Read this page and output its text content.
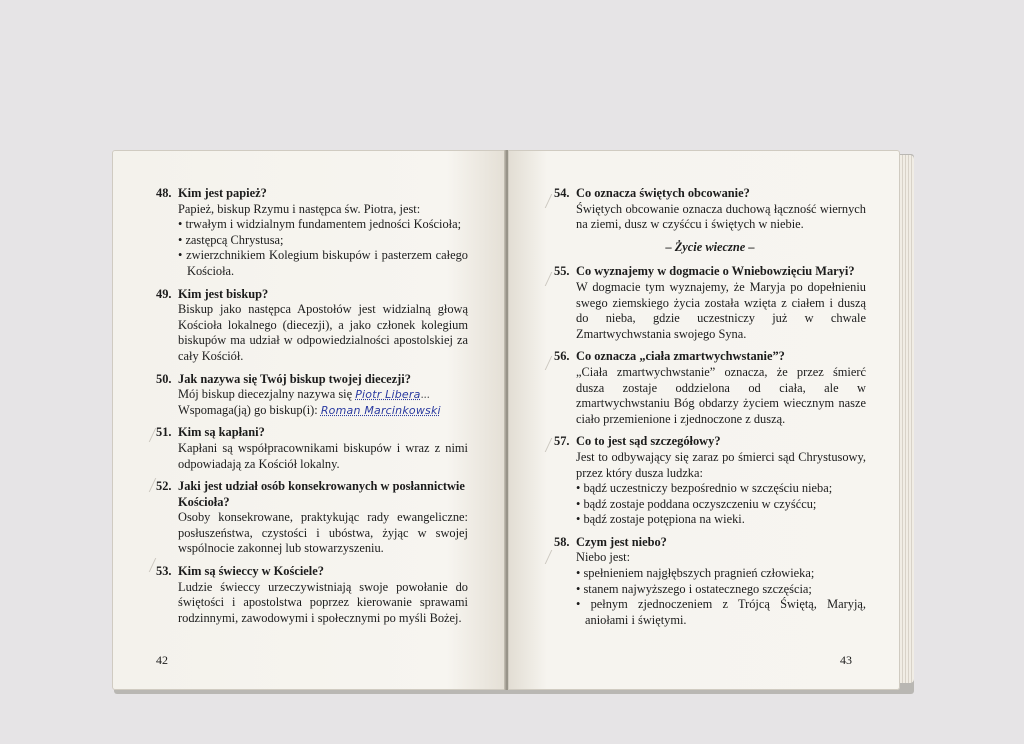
48. Kim jest papież?

Papież, biskup Rzymu i następca św. Piotra, jest:

• trwałym i widzialnym fundamentem jedności Kościoła;
• zastępcą Chrystusa;
• zwierzchnikiem Kolegium biskupów i pasterzem całego Kościoła.
49. Kim jest biskup?

Biskup jako następca Apostołów jest widzialną głową Kościoła lokalnego (diecezji), a jako członek kolegium biskupów ma udział w odpowiedzialności apostolskiej za cały Kościół.

50. Jak nazywa się Twój biskup twojej diecezji?

Mój biskup diecezjalny nazywa się Piotr Libera...

Wspomaga(ją) go biskup(i): Roman Marcinkowski

51. Kim są kapłani?

Kapłani są współpracownikami biskupów i wraz z nimi odpowiadają za Kościół lokalny.

52. Jaki jest udział osób konsekrowanych w posłannictwie Kościoła?

Osoby konsekrowane, praktykując rady ewangeliczne: posłuszeństwa, czystości i ubóstwa, żyjąc w swojej wspólnocie zakonnej lub stowarzyszeniu.

53. Kim są świeccy w Kościele?

Ludzie świeccy urzeczywistniają swoje powołanie do świętości i apostolstwa poprzez kierowanie sprawami rodzinnymi, zawodowymi i społecznymi po myśli Bożej.

42
54. Co oznacza świętych obcowanie?

Świętych obcowanie oznacza duchową łączność wiernych na ziemi, dusz w czyśćcu i świętych w niebie.

– Życie wieczne –
55. Co wyznajemy w dogmacie o Wniebowzięciu Maryi?

W dogmacie tym wyznajemy, że Maryja po dopełnieniu swego ziemskiego życia została wzięta z ciałem i duszą do nieba, gdzie uczestniczy już w chwale Zmartwychwstania swojego Syna.

56. Co oznacza „ciała zmartwychwstanie”?

„Ciała zmartwychwstanie” oznacza, że przez śmierć dusza zostaje oddzielona od ciała, ale w zmartwychwstaniu Bóg obdarzy życiem wiecznym nasze ciało przemienione i zjednoczone z duszą.

57. Co to jest sąd szczegółowy?

Jest to odbywający się zaraz po śmierci sąd Chrystusowy, przez który dusza ludzka:

• bądź uczestniczy bezpośrednio w szczęściu nieba;
• bądź zostaje poddana oczyszczeniu w czyśćcu;
• bądź zostaje potępiona na wieki.
58. Czym jest niebo?

Niebo jest:

• spełnieniem najgłębszych pragnień człowieka;
• stanem najwyższego i ostatecznego szczęścia;
• pełnym zjednoczeniem z Trójcą Świętą, Maryją, aniołami i świętymi.
43
